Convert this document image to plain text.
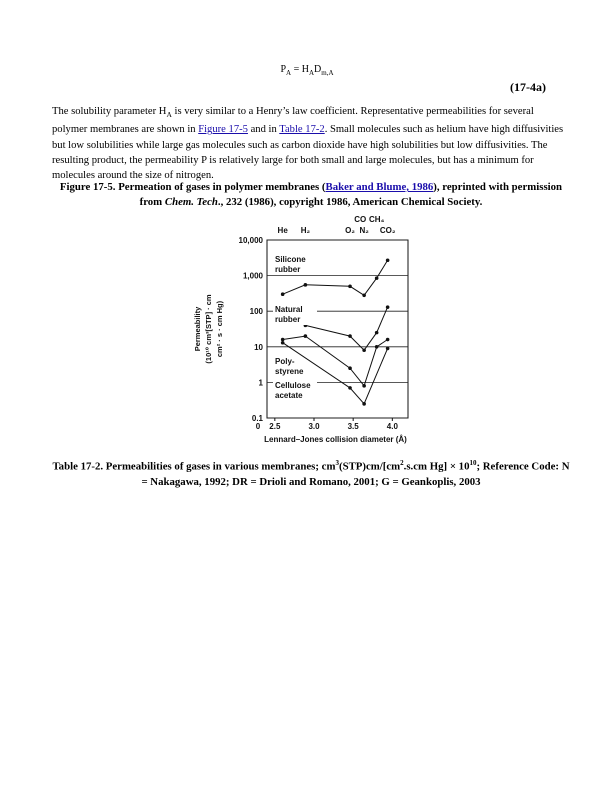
$P_A = H_AD_{m,A}$
(17-4a)
The solubility parameter $H_A$ is very similar to a Henry’s law coefficient. Representative permeabilities for several polymer membranes are shown in Figure 17-5 and in Table 17-2. Small molecules such as helium have high diffusivities but low solubilities while large gas molecules such as carbon dioxide have high solubilities but low diffusivities. The resulting product, the permeability P is relatively large for both small and large molecules, but has a minimum for molecules around the size of nitrogen.
Figure 17-5. Permeation of gases in polymer membranes (Baker and Blume, 1986), reprinted with permission from Chem. Tech., 232 (1986), copyright 1986, American Chemical Society.
10,000
1,000
100
10
1
0.1
0 2.5	3.0	3.5	4.0
Lennard–Jones collision diameter (Å)
Permeability (10¹⁰ cm³[STP] · cm cm² · s · cm Hg)
He H₂	O₂
CO
N₂
CH₄
CO₂
Silicone
rubber
Natural
rubber
Poly-
styrene
Cellulose
acetate
Table 17-2. Permeabilities of gases in various membranes; $cm^3(STP)cm/[cm^2.s.cm$ $Hg] \times 10^{10}$; Reference Code: N = Nakagawa, 1992; DR = Drioli and Romano, 2001; G = Geankoplis, 2003
